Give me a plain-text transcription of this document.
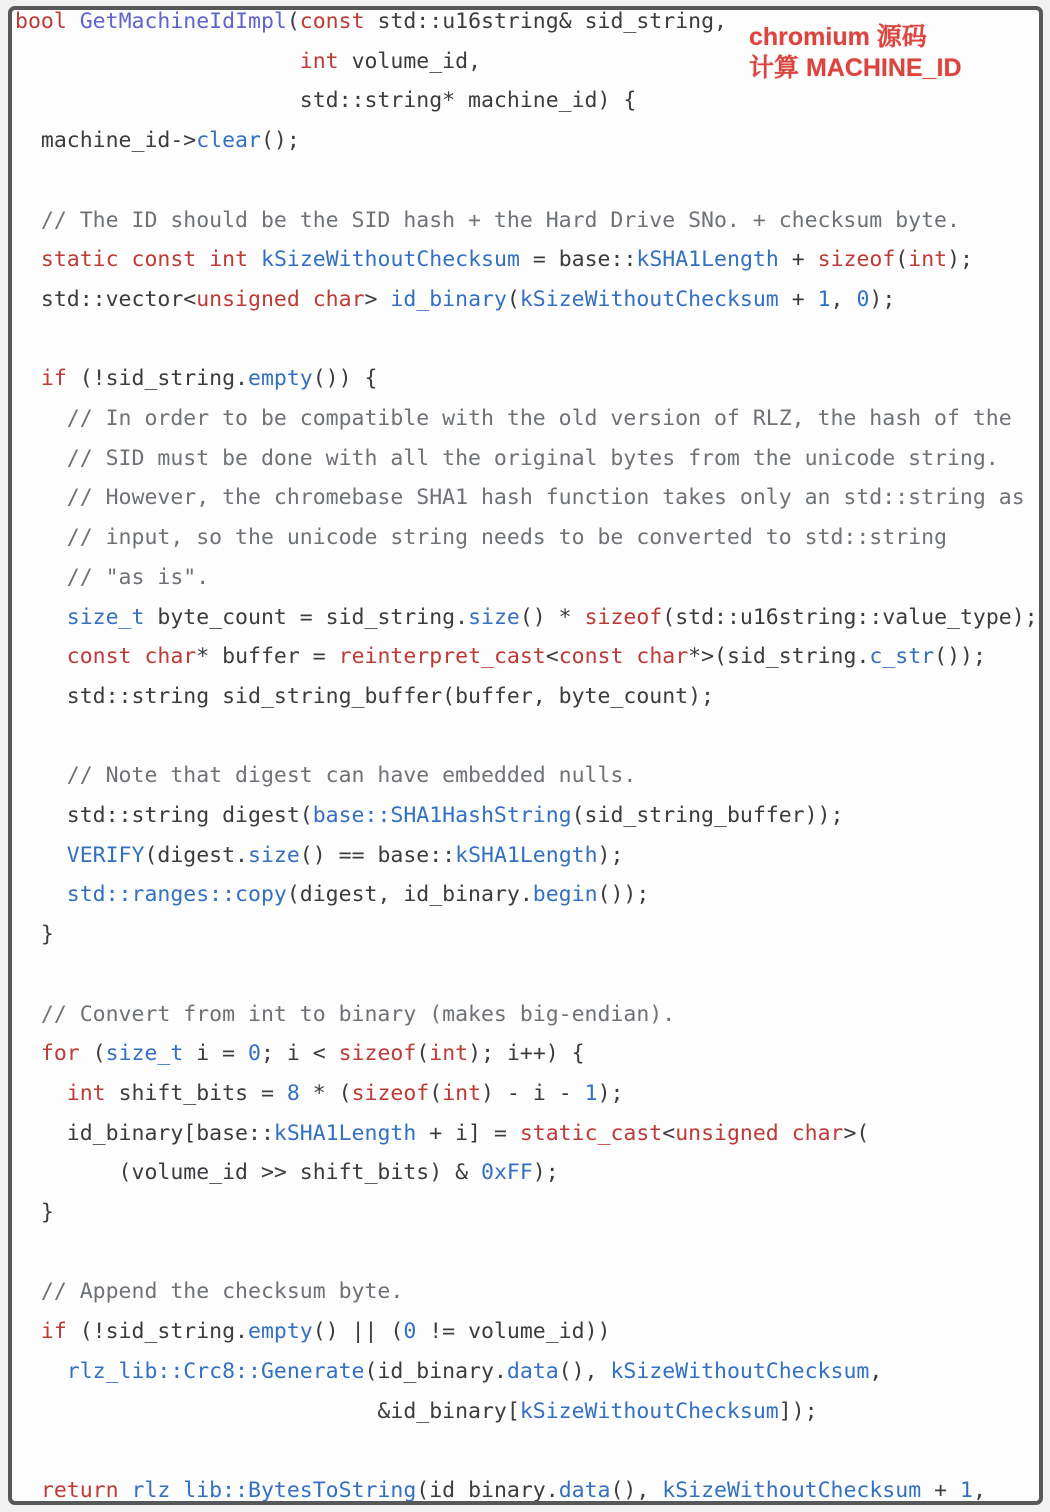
bool GetMachineIdImpl(const std::u16string& sid_string,
int volume_id,
std::string* machine_id) {
machine_id->clear();
// The ID should be the SID hash + the Hard Drive SNo. + checksum byte.
static const int kSizeWithoutChecksum = base::kSHA1Length + sizeof(int);
std::vector<unsigned char> id_binary(kSizeWithoutChecksum + 1, 0);
if (!sid_string.empty()) {
// In order to be compatible with the old version of RLZ, the hash of the
// SID must be done with all the original bytes from the unicode string.
// However, the chromebase SHA1 hash function takes only an std::string as
// input, so the unicode string needs to be converted to std::string
// "as is".
size_t byte_count = sid_string.size() * sizeof(std::u16string::value_type);
const char* buffer = reinterpret_cast<const char*>(sid_string.c_str());
std::string sid_string_buffer(buffer, byte_count);
// Note that digest can have embedded nulls.
std::string digest(base::SHA1HashString(sid_string_buffer));
VERIFY(digest.size() == base::kSHA1Length);
std::ranges::copy(digest, id_binary.begin());
}
// Convert from int to binary (makes big-endian).
for (size_t i = 0; i < sizeof(int); i++) {
int shift_bits = 8 * (sizeof(int) - i - 1);
id_binary[base::kSHA1Length + i] = static_cast<unsigned char>(
(volume_id >> shift_bits) & 0xFF);
}
// Append the checksum byte.
if (!sid_string.empty() || (0 != volume_id))
rlz_lib::Crc8::Generate(id_binary.data(), kSizeWithoutChecksum,
&id_binary[kSizeWithoutChecksum]);
return rlz_lib::BytesToString(id_binary.data(), kSizeWithoutChecksum + 1,
chromium 源码
计算 MACHINE_ID
